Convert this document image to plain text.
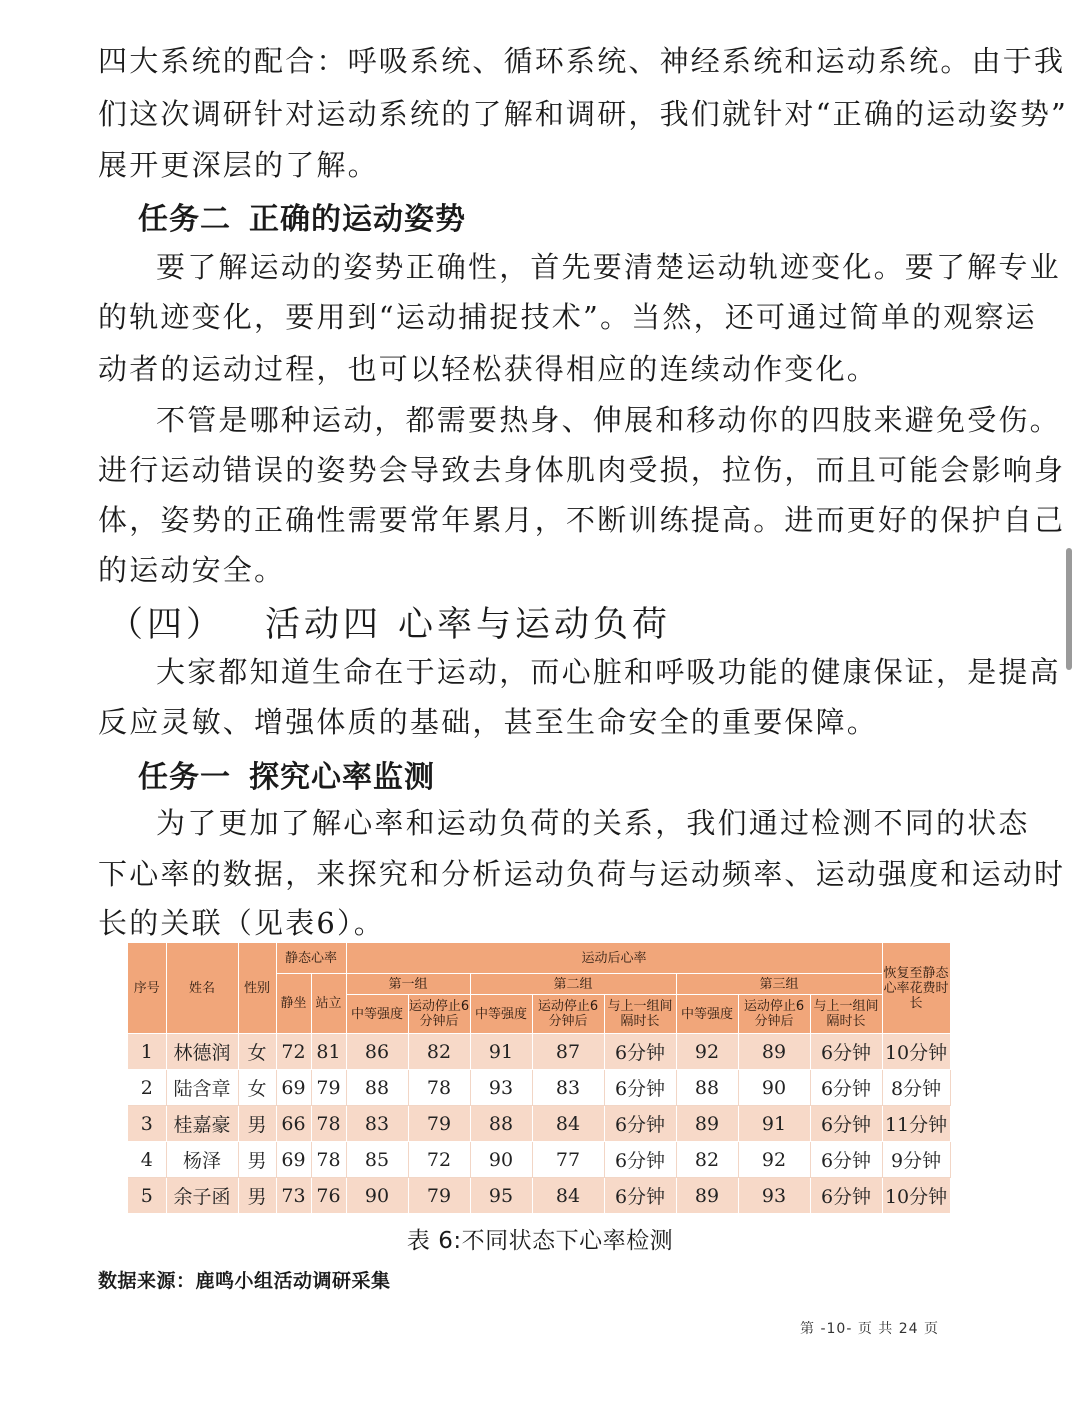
四大系统的配合：呼吸系统、循环系统、神经系统和运动系统。由于我
们这次调研针对运动系统的了解和调研，我们就针对“正确的运动姿势”
展开更深层的了解。
任务二 正确的运动姿势
要了解运动的姿势正确性，首先要清楚运动轨迹变化。要了解专业
的轨迹变化，要用到“运动捕捉技术”。当然，还可通过简单的观察运
动者的运动过程，也可以轻松获得相应的连续动作变化。
不管是哪种运动，都需要热身、伸展和移动你的四肢来避免受伤。
进行运动错误的姿势会导致去身体肌肉受损，拉伤，而且可能会影响身
体，姿势的正确性需要常年累月，不断训练提高。进而更好的保护自己
的运动安全。
（四） 活动四 心率与运动负荷
大家都知道生命在于运动，而心脏和呼吸功能的健康保证，是提高
反应灵敏、增强体质的基础，甚至生命安全的重要保障。
任务一 探究心率监测
为了更加了解心率和运动负荷的关系，我们通过检测不同的状态
下心率的数据，来探究和分析运动负荷与运动频率、运动强度和运动时
长的关联（见表6）。
序号	姓名	性别	静态心率		运动后心率								恢复至静态心率花费时长
			静坐	站立	第一组		第二组			第三组			
					中等强度	运动停止6分钟后	中等强度	运动停止6分钟后	与上一组间隔时长	中等强度	运动停止6分钟后	与上一组间隔时长	
1	林德润	女	72	81	86	82	91	87	6分钟	92	89	6分钟	10分钟
2	陆含章	女	69	79	88	78	93	83	6分钟	88	90	6分钟	8分钟
3	桂嘉豪	男	66	78	83	79	88	84	6分钟	89	91	6分钟	11分钟
4	杨泽	男	69	78	85	72	90	77	6分钟	82	92	6分钟	9分钟
5	余子函	男	73	76	90	79	95	84	6分钟	89	93	6分钟	10分钟
表 6:不同状态下心率检测
数据来源：鹿鸣小组活动调研采集
第 -10- 页 共 24 页
